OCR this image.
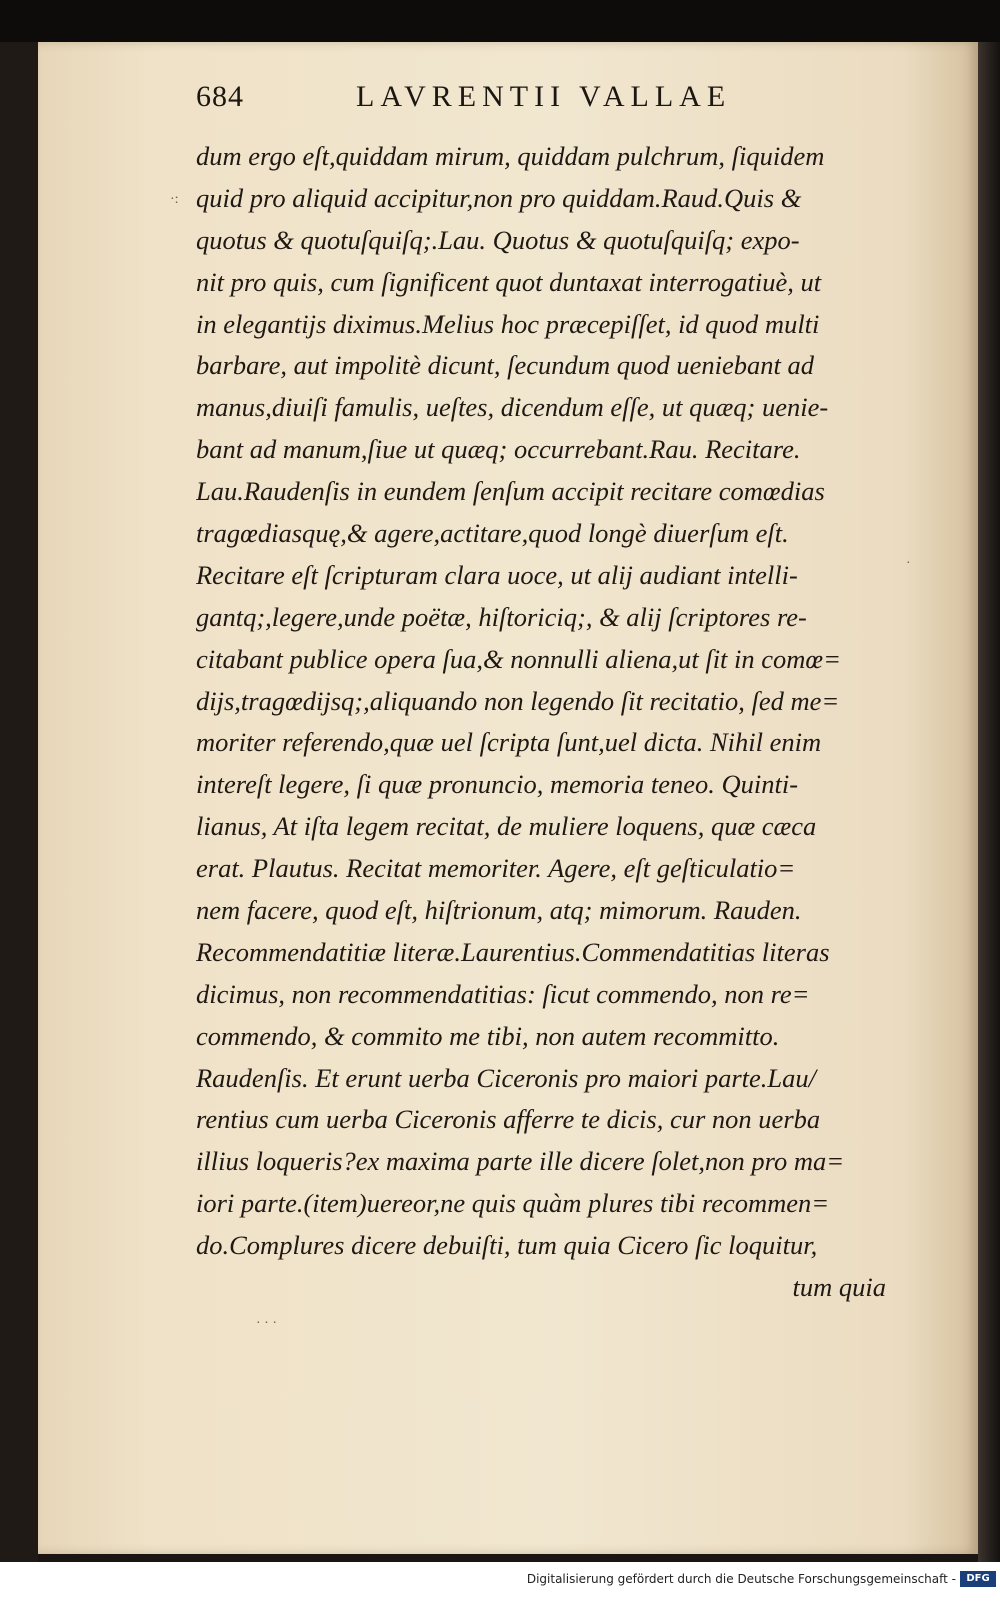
684	LAVRENTII VALLAE
·:
·
· · ·
dum ergo eſt,quiddam mirum, quiddam pulchrum, ſiquidem
quid pro aliquid accipitur,non pro quiddam.Raud.Quis &
quotus & quotuſquiſq;.Lau. Quotus & quotuſquiſq; expo-
nit pro quis, cum ſignificent quot duntaxat interrogatiuè, ut
in elegantijs diximus.Melius hoc præcepiſſet, id quod multi
barbare, aut impolitè dicunt, ſecundum quod ueniebant ad
manus,diuiſi famulis, ueſtes, dicendum eſſe, ut quæq; uenie-
bant ad manum,ſiue ut quæq; occurrebant.Rau. Recitare.
Lau.Raudenſis in eundem ſenſum accipit recitare comœdias
tragœdiasquę,& agere,actitare,quod longè diuerſum eſt.
Recitare eſt ſcripturam clara uoce, ut alij audiant intelli-
gantq;,legere,unde poëtæ, hiſtoriciq;, & alij ſcriptores re-
citabant publice opera ſua,& nonnulli aliena,ut ſit in comœ=
dijs,tragœdijsq;,aliquando non legendo ſit recitatio, ſed me=
moriter referendo,quæ uel ſcripta ſunt,uel dicta. Nihil enim
intereſt legere, ſi quæ pronuncio, memoria teneo. Quinti-
lianus, At iſta legem recitat, de muliere loquens, quæ cæca
erat. Plautus. Recitat memoriter. Agere, eſt geſticulatio=
nem facere, quod eſt, hiſtrionum, atq; mimorum. Rauden.
Recommendatitiæ literæ.Laurentius.Commendatitias literas
dicimus, non recommendatitias: ſicut commendo, non re=
commendo, & commito me tibi, non autem recommitto.
Raudenſis. Et erunt uerba Ciceronis pro maiori parte.Lau/
rentius cum uerba Ciceronis afferre te dicis, cur non uerba
illius loqueris?ex maxima parte ille dicere ſolet,non pro ma=
iori parte.(item)uereor,ne quis quàm plures tibi recommen=
do.Complures dicere debuiſti, tum quia Cicero ſic loquitur,
tum quia
Digitalisierung gefördert durch die Deutsche Forschungsgemeinschaft -	DFG
